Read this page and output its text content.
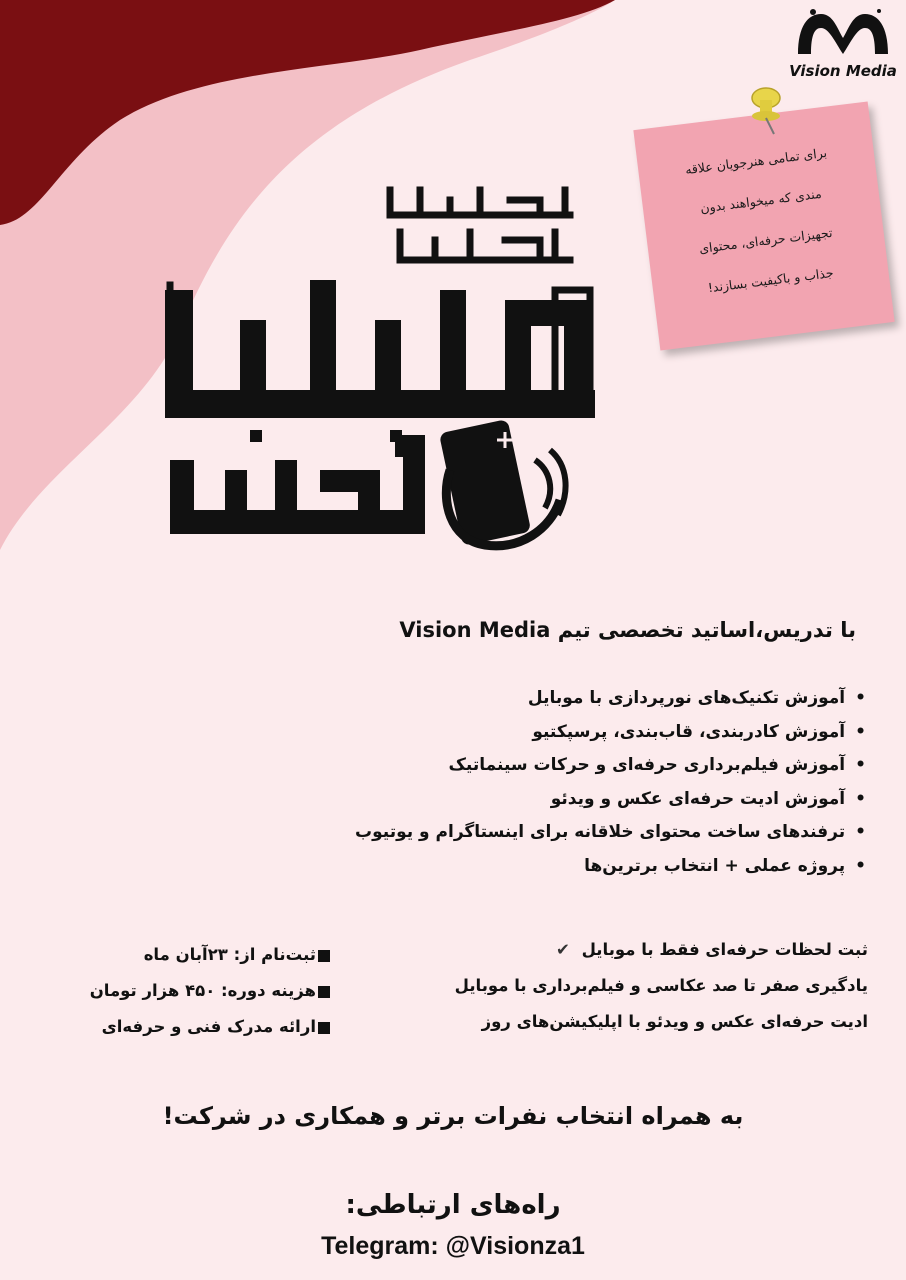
Vision Media

برای تمامی هنرجویان علاقه

مندی که میخواهند بدون

تجهیزات حرفه‌ای، محتوای

جذاب و باکیفیت بسازند!

با تدریس،اساتید تخصصی تیم Vision Media
•آموزش تکنیک‌های نورپردازی با موبایل
•آموزش کادربندی، قاب‌بندی، پرسپکتیو
•آموزش فیلم‌برداری حرفه‌ای و حرکات سینماتیک
•آموزش ادیت حرفه‌ای عکس و ویدئو
•ترفندهای ساخت محتوای خلاقانه برای اینستاگرام و یوتیوب
•پروژه عملی + انتخاب برترین‌ها
ثبت لحظات حرفه‌ای فقط با موبایل ✔
یادگیری صفر تا صد عکاسی و فیلم‌برداری با موبایل
ادیت حرفه‌ای عکس و ویدئو با اپلیکیشن‌های روز
ثبت‌نام از: ۲۳آبان ماه
هزینه دوره: ۴۵۰ هزار تومان
ارائه مدرک فنی و حرفه‌ای
به همراه انتخاب نفرات برتر و همکاری در شرکت!
راه‌های ارتباطی:
Telegram: @Visionza1
